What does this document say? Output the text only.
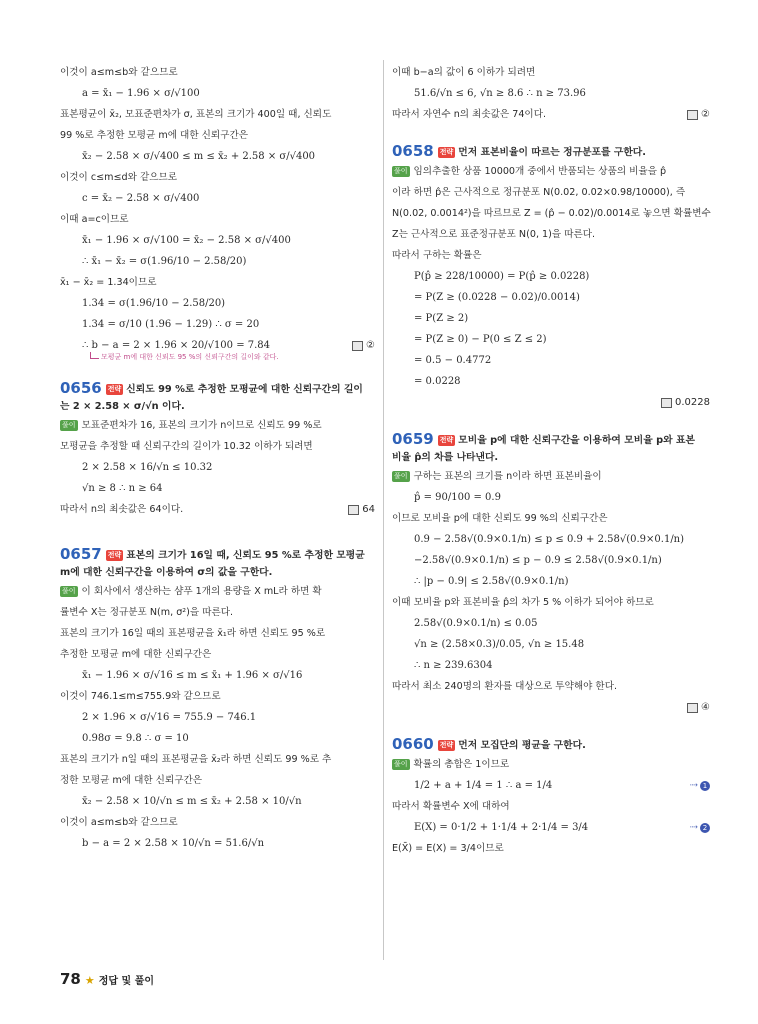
이것이 a≤m≤b와 같으므로
a = x̄₁ − 1.96 × σ/√100
표본평균이 x̄₂, 모표준편차가 σ, 표본의 크기가 400일 때, 신뢰도
99 %로 추정한 모평균 m에 대한 신뢰구간은
x̄₂ − 2.58 × σ/√400 ≤ m ≤ x̄₂ + 2.58 × σ/√400
이것이 c≤m≤d와 같으므로
c = x̄₂ − 2.58 × σ/√400
이때 a=c이므로
x̄₁ − 1.96 × σ/√100 = x̄₂ − 2.58 × σ/√400
∴ x̄₁ − x̄₂ = σ(1.96/10 − 2.58/20)
x̄₁ − x̄₂ = 1.34이므로
1.34 = σ(1.96/10 − 2.58/20)
1.34 = σ/10 (1.96 − 1.29) ∴ σ = 20
∴ b − a = 2 × 1.96 × 20/√100 = 7.84	②
모평균 m에 대한 신뢰도 95 %의 신뢰구간의 길이와 같다.
0656 전략 신뢰도 99 %로 추정한 모평균에 대한 신뢰구간의 길이
는 2 × 2.58 × σ/√n 이다.
풀이 모표준편차가 16, 표본의 크기가 n이므로 신뢰도 99 %로
모평균을 추정할 때 신뢰구간의 길이가 10.32 이하가 되려면
2 × 2.58 × 16/√n ≤ 10.32
√n ≥ 8 ∴ n ≥ 64
따라서 n의 최솟값은 64이다.	64
0657 전략 표본의 크기가 16일 때, 신뢰도 95 %로 추정한 모평균
m에 대한 신뢰구간을 이용하여 σ의 값을 구한다.
풀이 이 회사에서 생산하는 샴푸 1개의 용량을 X mL라 하면 확
률변수 X는 정규분포 N(m, σ²)을 따른다.
표본의 크기가 16일 때의 표본평균을 x̄₁라 하면 신뢰도 95 %로
추정한 모평균 m에 대한 신뢰구간은
x̄₁ − 1.96 × σ/√16 ≤ m ≤ x̄₁ + 1.96 × σ/√16
이것이 746.1≤m≤755.9와 같으므로
2 × 1.96 × σ/√16 = 755.9 − 746.1
0.98σ = 9.8 ∴ σ = 10
표본의 크기가 n일 때의 표본평균을 x̄₂라 하면 신뢰도 99 %로 추
정한 모평균 m에 대한 신뢰구간은
x̄₂ − 2.58 × 10/√n ≤ m ≤ x̄₂ + 2.58 × 10/√n
이것이 a≤m≤b와 같으므로
b − a = 2 × 2.58 × 10/√n = 51.6/√n
이때 b−a의 값이 6 이하가 되려면
51.6/√n ≤ 6, √n ≥ 8.6 ∴ n ≥ 73.96
따라서 자연수 n의 최솟값은 74이다.	②
0658 전략 먼저 표본비율이 따르는 정규분포를 구한다.
풀이 임의추출한 상품 10000개 중에서 반품되는 상품의 비율을 p̂
이라 하면 p̂은 근사적으로 정규분포 N(0.02, 0.02×0.98/10000), 즉
N(0.02, 0.0014²)을 따르므로 Z = (p̂ − 0.02)/0.0014로 놓으면 확률변수
Z는 근사적으로 표준정규분포 N(0, 1)을 따른다.
따라서 구하는 확률은
P(p̂ ≥ 228/10000) = P(p̂ ≥ 0.0228)
= P(Z ≥ (0.0228 − 0.02)/0.0014)
= P(Z ≥ 2)
= P(Z ≥ 0) − P(0 ≤ Z ≤ 2)
= 0.5 − 0.4772
= 0.0228
0.0228
0659 전략 모비율 p에 대한 신뢰구간을 이용하여 모비율 p와 표본
비율 p̂의 차를 나타낸다.
풀이 구하는 표본의 크기를 n이라 하면 표본비율이
p̂ = 90/100 = 0.9
이므로 모비율 p에 대한 신뢰도 99 %의 신뢰구간은
0.9 − 2.58√(0.9×0.1/n) ≤ p ≤ 0.9 + 2.58√(0.9×0.1/n)
−2.58√(0.9×0.1/n) ≤ p − 0.9 ≤ 2.58√(0.9×0.1/n)
∴ |p − 0.9| ≤ 2.58√(0.9×0.1/n)
이때 모비율 p와 표본비율 p̂의 차가 5 % 이하가 되어야 하므로
2.58√(0.9×0.1/n) ≤ 0.05
√n ≥ (2.58×0.3)/0.05, √n ≥ 15.48
∴ n ≥ 239.6304
따라서 최소 240명의 환자를 대상으로 투약해야 한다.
④
0660 전략 먼저 모집단의 평균을 구한다.
풀이 확률의 총합은 1이므로
1/2 + a + 1/4 = 1 ∴ a = 1/4	⇢ 1
따라서 확률변수 X에 대하여
E(X) = 0·1/2 + 1·1/4 + 2·1/4 = 3/4	⇢ 2
E(X̄) = E(X) = 3/4이므로
78 ★ 정답 및 풀이
